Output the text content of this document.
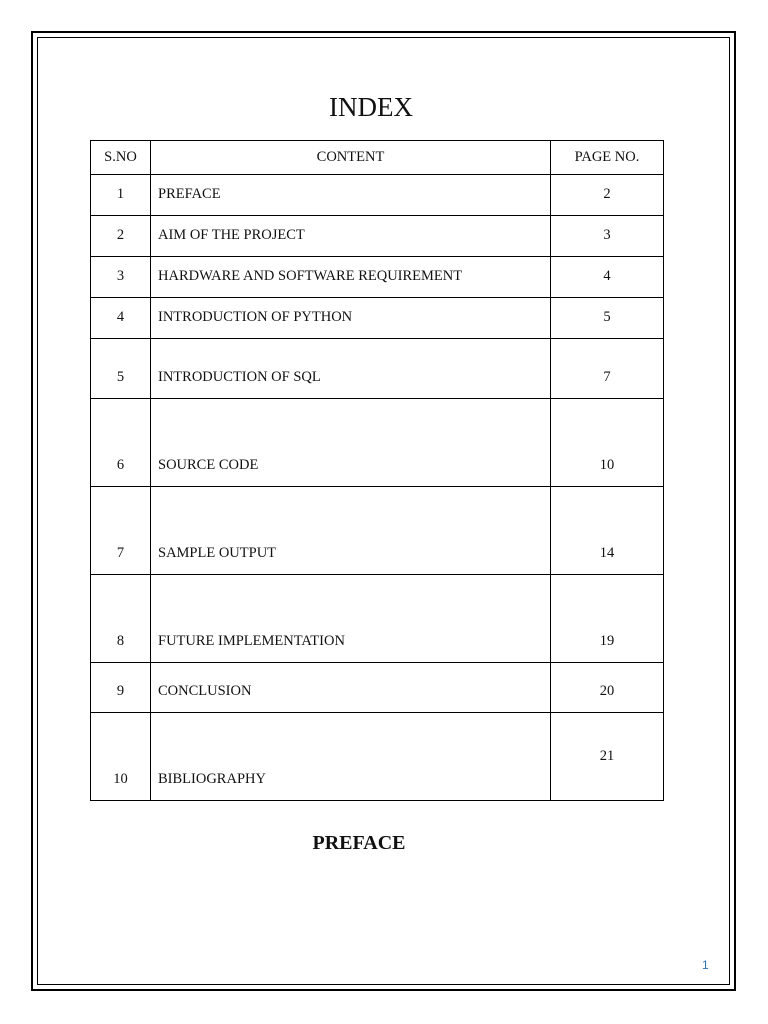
INDEX
S.NO	CONTENT	PAGE NO.
1	PREFACE	2
2	AIM OF THE PROJECT	3
3	HARDWARE AND SOFTWARE REQUIREMENT	4
4	INTRODUCTION OF PYTHON	5
5	INTRODUCTION OF SQL	7
6	SOURCE CODE	10
7	SAMPLE OUTPUT	14
8	FUTURE IMPLEMENTATION	19
9	CONCLUSION	20
10	BIBLIOGRAPHY	21
PREFACE
1
